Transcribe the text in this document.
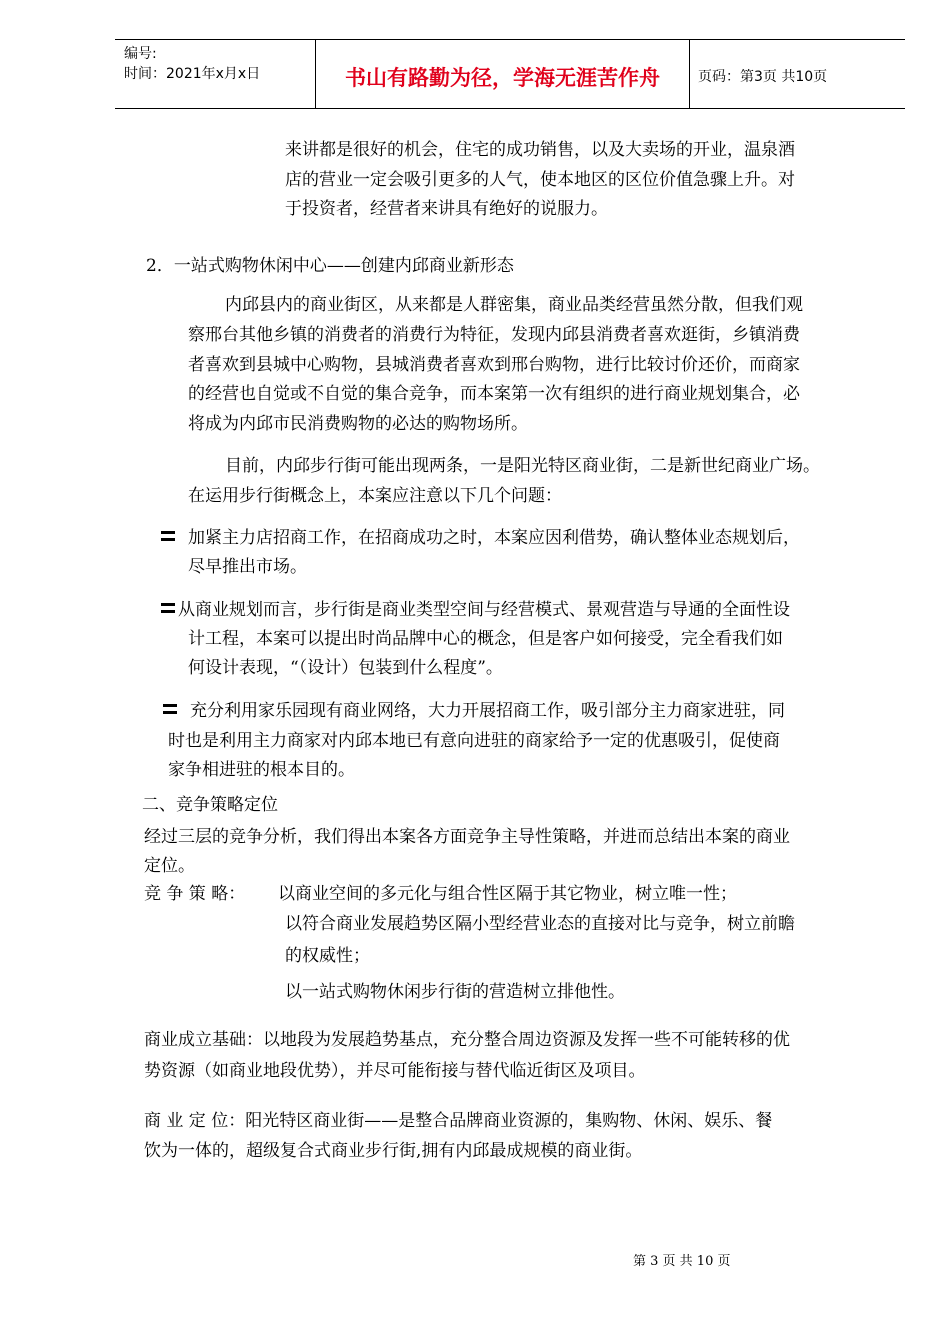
编号:
时间：2021年x月x日	书山有路勤为径，学海无涯苦作舟	页码：第3页 共10页
来讲都是很好的机会，住宅的成功销售，以及大卖场的开业，温泉酒
店的营业一定会吸引更多的人气，使本地区的区位价值急骤上升。对
于投资者，经营者来讲具有绝好的说服力。
2．一站式购物休闲中心——创建内邱商业新形态
内邱县内的商业街区，从来都是人群密集，商业品类经营虽然分散，但我们观
察邢台其他乡镇的消费者的消费行为特征，发现内邱县消费者喜欢逛街，乡镇消费
者喜欢到县城中心购物，县城消费者喜欢到邢台购物，进行比较讨价还价，而商家
的经营也自觉或不自觉的集合竞争，而本案第一次有组织的进行商业规划集合，必
将成为内邱市民消费购物的必达的购物场所。
目前，内邱步行街可能出现两条，一是阳光特区商业街，二是新世纪商业广场。
在运用步行街概念上，本案应注意以下几个问题：
加紧主力店招商工作，在招商成功之时，本案应因利借势，确认整体业态规划后，
尽早推出市场。
从商业规划而言，步行街是商业类型空间与经营模式、景观营造与导通的全面性设
计工程，本案可以提出时尚品牌中心的概念，但是客户如何接受，完全看我们如
何设计表现，“（设计）包装到什么程度”。
充分利用家乐园现有商业网络，大力开展招商工作，吸引部分主力商家进驻，同
时也是利用主力商家对内邱本地已有意向进驻的商家给予一定的优惠吸引，促使商
家争相进驻的根本目的。
二、竞争策略定位
经过三层的竞争分析，我们得出本案各方面竞争主导性策略，并进而总结出本案的商业
定位。
竞 争 策 略： 以商业空间的多元化与组合性区隔于其它物业，树立唯一性；
以符合商业发展趋势区隔小型经营业态的直接对比与竞争，树立前瞻
的权威性；
以一站式购物休闲步行街的营造树立排他性。
商业成立基础：以地段为发展趋势基点，充分整合周边资源及发挥一些不可能转移的优
势资源（如商业地段优势），并尽可能衔接与替代临近街区及项目。
商 业 定 位：阳光特区商业街——是整合品牌商业资源的，集购物、休闲、娱乐、餐
饮为一体的，超级复合式商业步行街,拥有内邱最成规模的商业街。
第 3 页 共 10 页
